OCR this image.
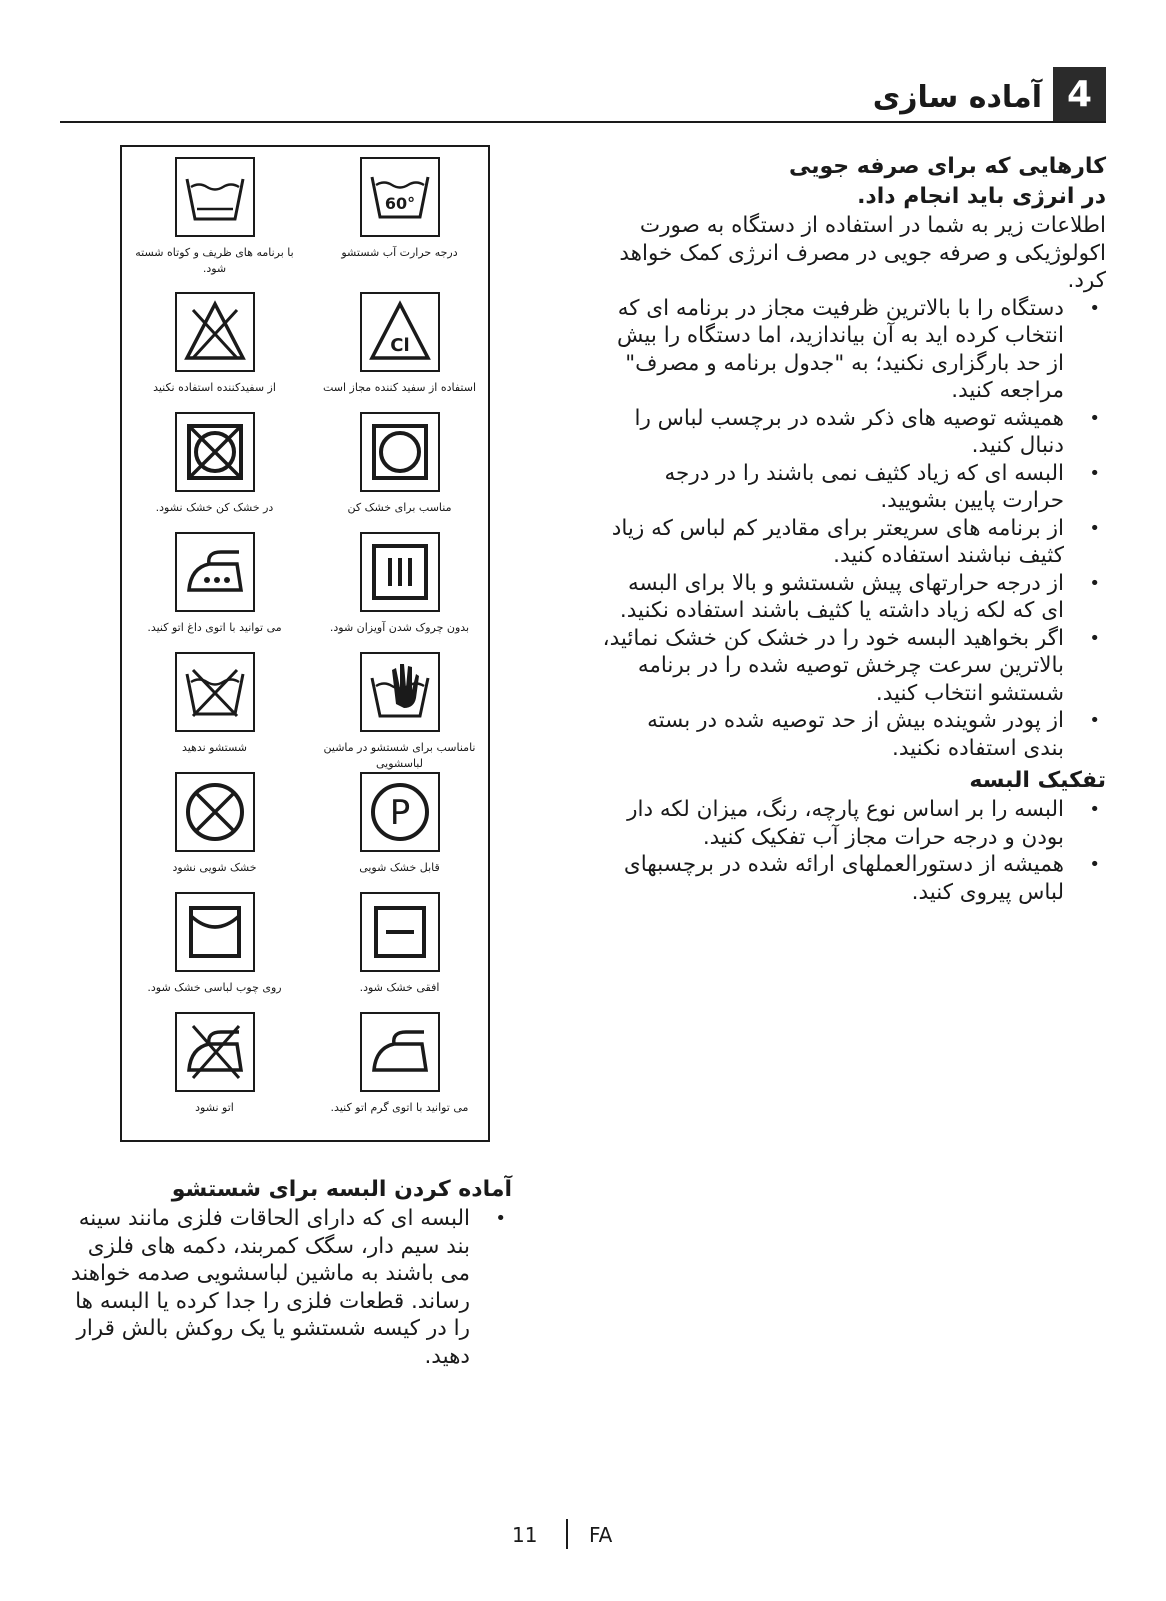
4
آماده سازی

کارهایی که برای صرفه جویی

در انرژی باید انجام داد.

اطلاعات زیر به شما در استفاده از دستگاه به صورت اکولوژیکی و صرفه جویی در مصرف انرژی کمک خواهد کرد.

• دستگاه را با بالاترین ظرفیت مجاز در برنامه ای که انتخاب کرده اید به آن بیاندازید، اما دستگاه را بیش از حد بارگزاری نکنید؛ به "جدول برنامه و مصرف" مراجعه کنید.
• همیشه توصیه های ذکر شده در برچسب لباس را دنبال کنید.
• البسه ای که زیاد کثیف نمی باشند را در درجه حرارت پایین بشویید.
• از برنامه های سریعتر برای مقادیر کم لباس که زیاد کثیف نباشند استفاده کنید.
• از درجه حرارتهای پیش شستشو و بالا برای البسه ای که لکه زیاد داشته یا کثیف باشند استفاده نکنید.
• اگر بخواهید البسه خود را در خشک کن خشک نمائید، بالاترین سرعت چرخش توصیه شده را در برنامه شستشو انتخاب کنید.
• از پودر شوینده بیش از حد توصیه شده در بسته بندی استفاده نکنید.

تفکیک البسه

• البسه را بر اساس نوع پارچه، رنگ، میزان لکه دار بودن و درجه حرات مجاز آب تفکیک کنید.
• همیشه از دستورالعملهای ارائه شده در برچسبهای لباس پیروی کنید.
60°
درجه حرارت آب شستشو
با برنامه های ظریف و کوتاه شسته شود.
Cl
استفاده از سفید کننده مجاز است
از سفیدکننده استفاده نکنید
مناسب برای خشک کن
در خشک کن خشک نشود.
بدون چروک شدن آویزان شود.
می توانید با اتوی داغ اتو کنید.
نامناسب برای شستشو در ماشین لباسشویی
شستشو ندهید
P
قابل خشک شویی
خشک شویی نشود
افقی خشک شود.
روی چوب لباسی خشک شود.
می توانید با اتوی گرم اتو کنید.
اتو نشود

آماده کردن البسه برای شستشو

• البسه ای که دارای الحاقات فلزی مانند سینه بند سیم دار، سگک کمربند، دکمه های فلزی می باشند به ماشین لباسشویی صدمه خواهند رساند. قطعات فلزی را جدا کرده یا البسه ها را در کیسه شستشو یا یک روکش بالش قرار دهید.
11	FA
